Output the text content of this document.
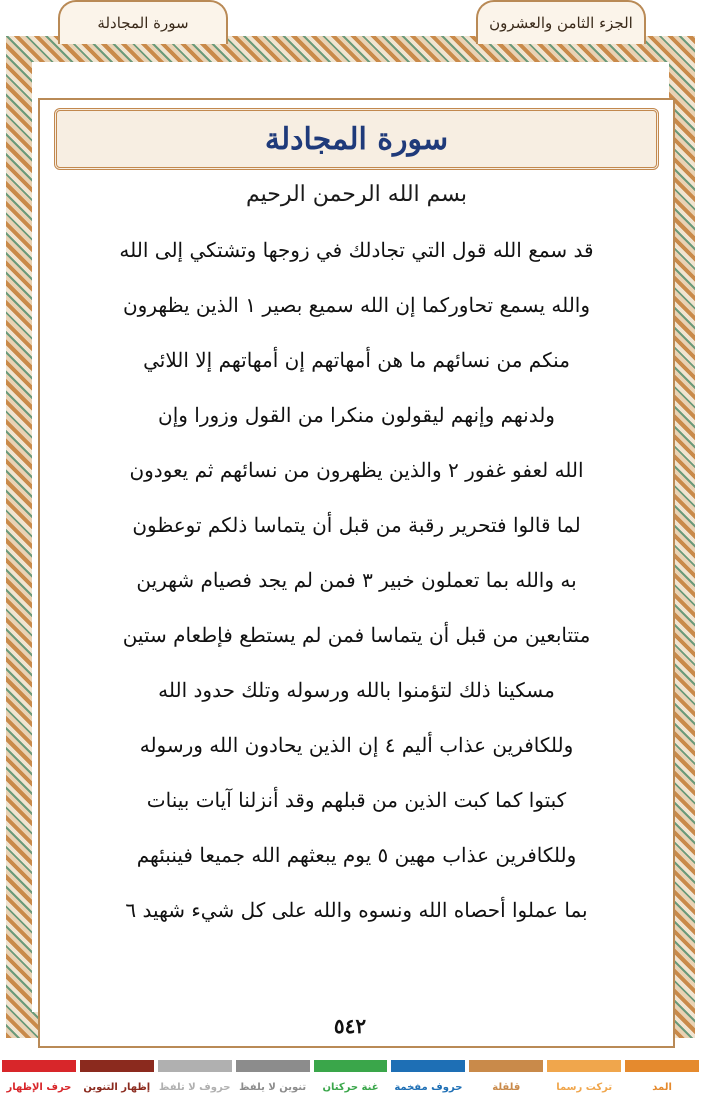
الجزء الثامن والعشرون
سورة المجادلة
سورة المجادلة
بسم الله الرحمن الرحيم
قد سمع الله قول التي تجادلك في زوجها وتشتكي إلى الله
والله يسمع تحاوركما إن الله سميع بصير ١ الذين يظهرون
منكم من نسائهم ما هن أمهاتهم إن أمهاتهم إلا اللائي
ولدنهم وإنهم ليقولون منكرا من القول وزورا وإن
الله لعفو غفور ٢ والذين يظهرون من نسائهم ثم يعودون
لما قالوا فتحرير رقبة من قبل أن يتماسا ذلكم توعظون
به والله بما تعملون خبير ٣ فمن لم يجد فصيام شهرين
متتابعين من قبل أن يتماسا فمن لم يستطع فإطعام ستين
مسكينا ذلك لتؤمنوا بالله ورسوله وتلك حدود الله
وللكافرين عذاب أليم ٤ إن الذين يحادون الله ورسوله
كبتوا كما كبت الذين من قبلهم وقد أنزلنا آيات بينات
وللكافرين عذاب مهين ٥ يوم يبعثهم الله جميعا فينبئهم
بما عملوا أحصاه الله ونسوه والله على كل شيء شهيد ٦
٥٤٢
المد
تركت رسما
قلقلة
حروف مفخمة
غنة حركتان
تنوين لا يلفظ
حروف لا تلفظ
إظهار التنوين
حرف الإظهار
